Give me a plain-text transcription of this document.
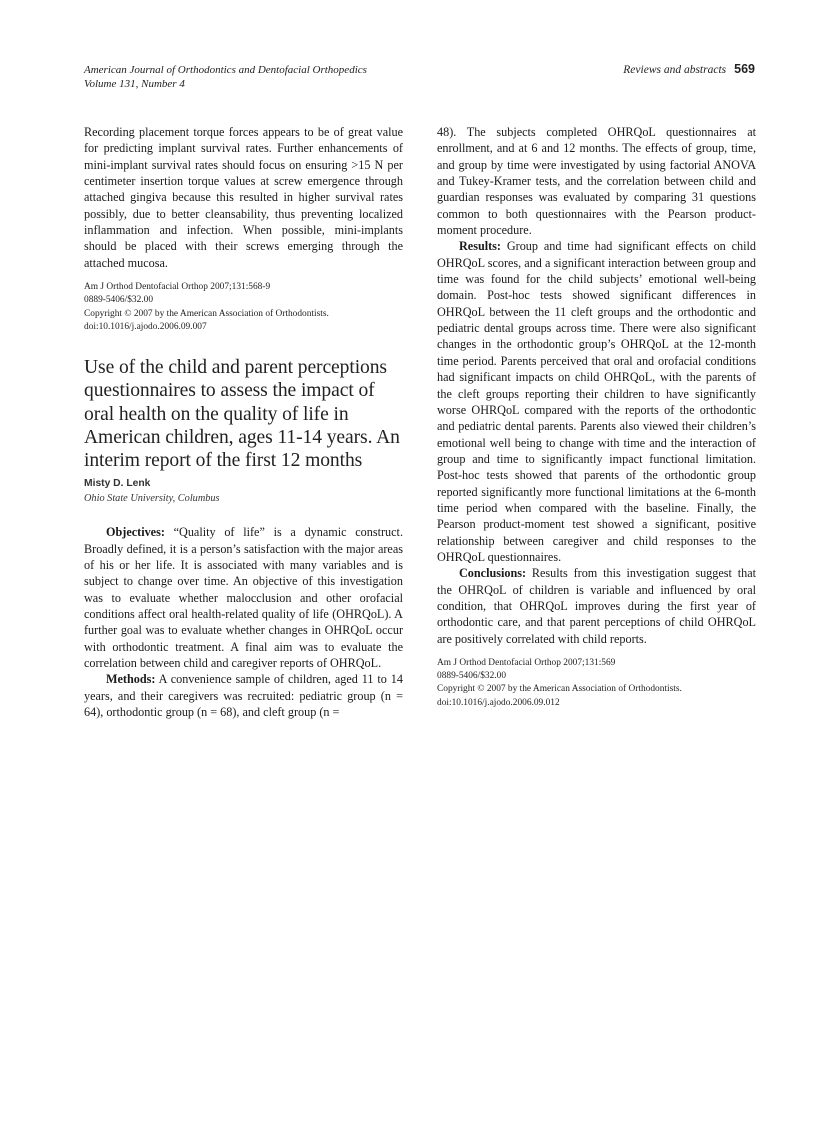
American Journal of Orthodontics and Dentofacial Orthopedics
Volume 131, Number 4
Reviews and abstracts 569

Recording placement torque forces appears to be of great value for predicting implant survival rates. Further enhancements of mini-implant survival rates should focus on ensuring >15 N per centimeter insertion torque values at screw emergence through attached gingiva because this resulted in higher survival rates possibly, due to better cleansability, thus preventing localized inflammation and infection. When possible, mini-implants should be placed with their screws emerging through the attached mucosa.

Am J Orthod Dentofacial Orthop 2007;131:568-9
0889-5406/$32.00
Copyright © 2007 by the American Association of Orthodontists.
doi:10.1016/j.ajodo.2006.09.007
Use of the child and parent perceptions questionnaires to assess the impact of oral health on the quality of life in American children, ages 11-14 years. An interim report of the first 12 months
Misty D. Lenk
Ohio State University, Columbus

Objectives: “Quality of life” is a dynamic construct. Broadly defined, it is a person’s satisfaction with the major areas of his or her life. It is associated with many variables and is subject to change over time. An objective of this investigation was to evaluate whether malocclusion and other orofacial conditions affect oral health-related quality of life (OHRQoL). A further goal was to evaluate whether changes in OHRQoL occur with orthodontic treatment. A final aim was to evaluate the correlation between child and caregiver reports of OHRQoL.

Methods: A convenience sample of children, aged 11 to 14 years, and their caregivers was recruited: pediatric group (n = 64), orthodontic group (n = 68), and cleft group (n =

48). The subjects completed OHRQoL questionnaires at enrollment, and at 6 and 12 months. The effects of group, time, and group by time were investigated by using factorial ANOVA and Tukey-Kramer tests, and the correlation between child and guardian responses was evaluated by comparing 31 questions common to both questionnaires with the Pearson product-moment procedure.

Results: Group and time had significant effects on child OHRQoL scores, and a significant interaction between group and time was found for the child subjects’ emotional well-being domain. Post-hoc tests showed significant differences in OHRQoL between the 11 cleft groups and the orthodontic and pediatric dental groups across time. There were also significant changes in the orthodontic group’s OHRQoL at the 12-month time period. Parents perceived that oral and orofacial conditions had significant impacts on child OHRQoL, with the parents of the cleft groups reporting their children to have significantly worse OHRQoL compared with the reports of the orthodontic and pediatric dental parents. Parents also viewed their children’s emotional well being to change with time and the interaction of group and time to significantly impact functional limitation. Post-hoc tests showed that parents of the orthodontic group reported significantly more functional limitations at the 6-month time period when compared with the baseline. Finally, the Pearson product-moment test showed a significant, positive relationship between caregiver and child responses to the OHRQoL questionnaires.

Conclusions: Results from this investigation suggest that the OHRQoL of children is variable and influenced by oral condition, that OHRQoL improves during the first year of orthodontic care, and that parent perceptions of child OHRQoL are positively correlated with child reports.

Am J Orthod Dentofacial Orthop 2007;131:569
0889-5406/$32.00
Copyright © 2007 by the American Association of Orthodontists.
doi:10.1016/j.ajodo.2006.09.012
